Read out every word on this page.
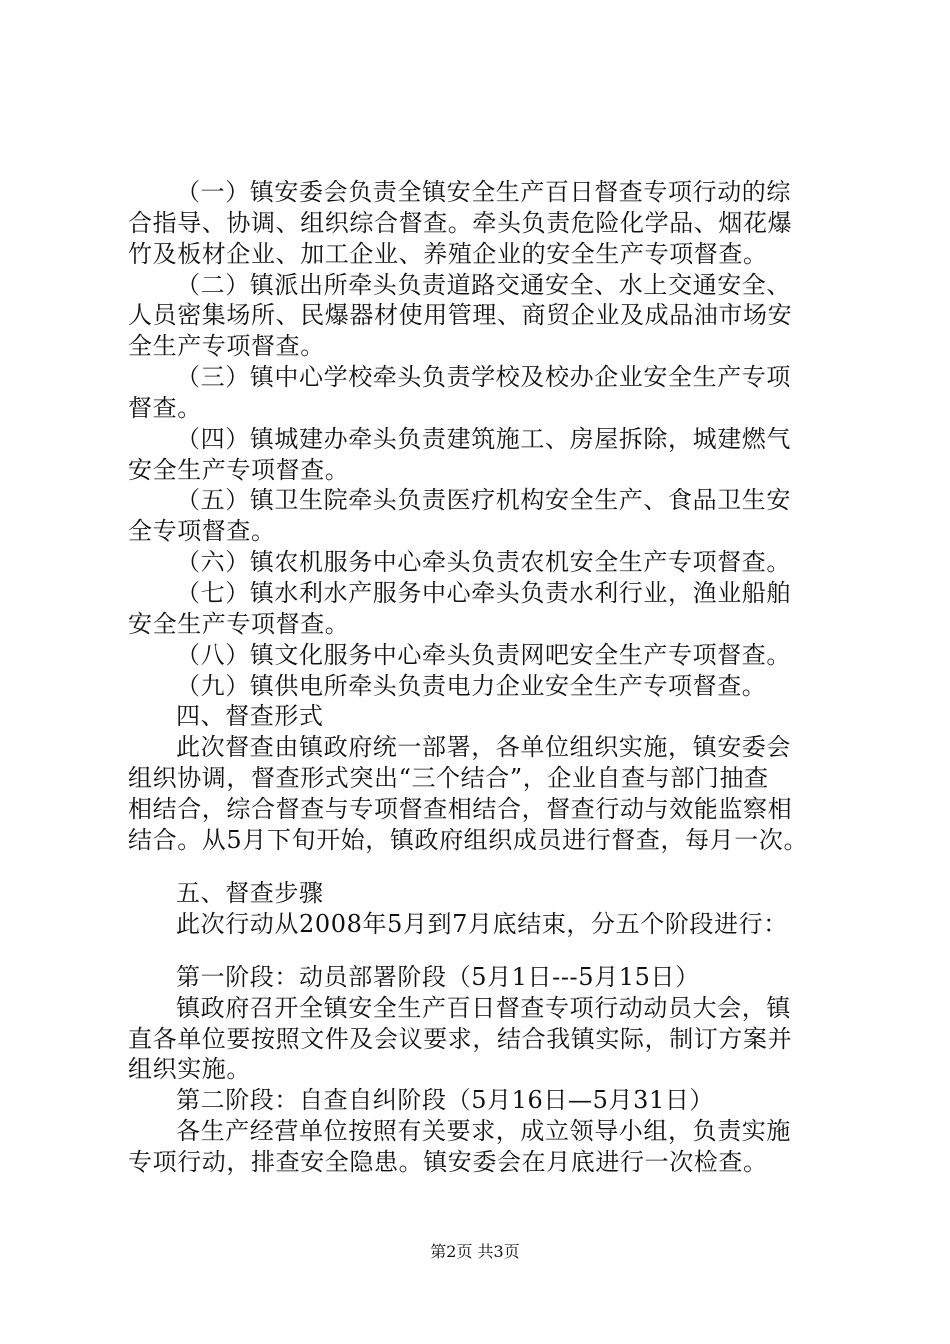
（一）镇安委会负责全镇安全生产百日督查专项行动的综
合指导、协调、组织综合督查。牵头负责危险化学品、烟花爆
竹及板材企业、加工企业、养殖企业的安全生产专项督查。
（二）镇派出所牵头负责道路交通安全、水上交通安全、
人员密集场所、民爆器材使用管理、商贸企业及成品油市场安
全生产专项督查。
（三）镇中心学校牵头负责学校及校办企业安全生产专项
督查。
（四）镇城建办牵头负责建筑施工、房屋拆除，城建燃气
安全生产专项督查。
（五）镇卫生院牵头负责医疗机构安全生产、食品卫生安
全专项督查。
（六）镇农机服务中心牵头负责农机安全生产专项督查。
（七）镇水利水产服务中心牵头负责水利行业，渔业船舶
安全生产专项督查。
（八）镇文化服务中心牵头负责网吧安全生产专项督查。
（九）镇供电所牵头负责电力企业安全生产专项督查。
四、督查形式
此次督查由镇政府统一部署，各单位组织实施，镇安委会
组织协调，督查形式突出“三个结合”，企业自查与部门抽查
相结合，综合督查与专项督查相结合，督查行动与效能监察相
结合。从5月下旬开始，镇政府组织成员进行督查，每月一次。
五、督查步骤
此次行动从2008年5月到7月底结束，分五个阶段进行：
第一阶段：动员部署阶段（5月1日---5月15日）
镇政府召开全镇安全生产百日督查专项行动动员大会，镇
直各单位要按照文件及会议要求，结合我镇实际，制订方案并
组织实施。
第二阶段：自查自纠阶段（5月16日—5月31日）
各生产经营单位按照有关要求，成立领导小组，负责实施
专项行动，排查安全隐患。镇安委会在月底进行一次检查。
第2页 共3页
